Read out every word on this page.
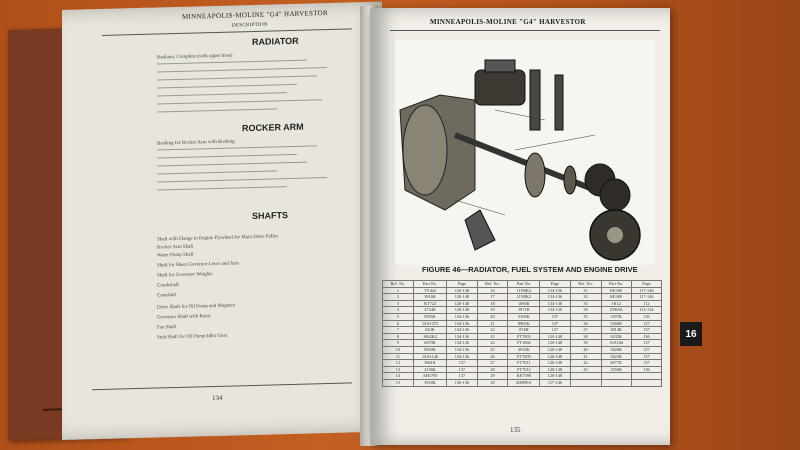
MINNEAPOLIS-MOLINE "G4" HARVESTOR
DESCRIPTION
RADIATOR
Radiator, Complete (with upper hose)
ROCKER ARM
Bushing for Rocker Arm with Bushing
SHAFTS
Shaft with Flange in Engine Flywheel for Main Drive Pulley
Rocker Arm Shaft
Water Pump Shaft
Shaft for Sheet Governor Lever and Arm
Shaft for Governor Weights
Crankshaft
Camshaft
Drive Shaft for Oil Pump and Magneto
Governor Shaft with Rotor
Fan Shaft
Stub Shaft for Oil Pump Idler Gear
134
MINNEAPOLIS-MOLINE "G4" HARVESTOR
135
FIGURE 46—RADIATOR, FUEL SYSTEM AND ENGINE DRIVE
Ref. No.	Part No.	Page	Ref. No.	Part No.	Page	Ref. No.	Part No.	Page
1	TY442	120-148	16	11N6K2	134-136	31	KE396	117-146
2	3916K	120-148	17	11N8K2	134-136	32	KE400	117-146
3	KT722	120-148	18	1066K	134-136	33	1K12	112
4	4734K	120-148	19	1071K	134-136	34	2TK8A	112-124
5	9935K	134-136	20	5390K	137	35	3357K	136
6	1SA1372	134-136	21	8965K	137	36	3360K	137
7	843K	134-136	22	874H	137	37	3814K	137
8	3862K2	134-136	23	FT7003	120-148	38	9235K	136
9	6670K	134-136	24	FT1666	120-148	39	1SA166	137
10	8929K	134-136	25	3935K	120-148	40	3820K	137
11	1SA1146	134-136	26	FT7009	120-148	41	3823K	137
12	3861K	137	27	FT7011	120-148	42	6077K	137
13	4136K	137	28	FT7012	120-148	43	3356K	136
14	AH1795	137	29	KE7590	120-148			
15	3918K	136-136	30	KE899A	117-146			
16
